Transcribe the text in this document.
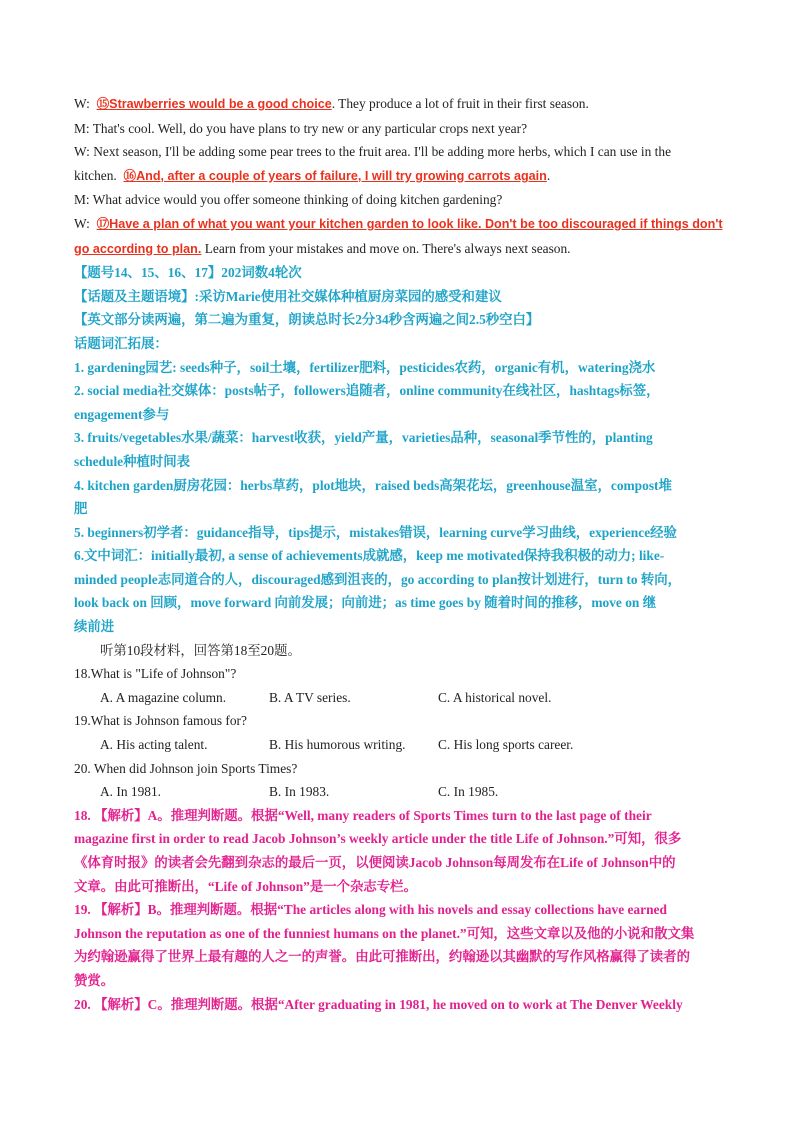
W: ⑮Strawberries would be a good choice. They produce a lot of fruit in their first season.
M: That's cool. Well, do you have plans to try new or any particular crops next year?
W: Next season, I'll be adding some pear trees to the fruit area. I'll be adding more herbs, which I can use in the
kitchen. ⑯And, after a couple of years of failure, I will try growing carrots again.
M: What advice would you offer someone thinking of doing kitchen gardening?
W: ⑰Have a plan of what you want your kitchen garden to look like. Don't be too discouraged if things don't
go according to plan. Learn from your mistakes and move on. There's always next season.
【题号14、15、16、17】202词数4轮次
【话题及主题语境】:采访Marie使用社交媒体种植厨房菜园的感受和建议
【英文部分读两遍，第二遍为重复，朗读总时长2分34秒含两遍之间2.5秒空白】
话题词汇拓展：
1. gardening园艺: seeds种子，soil土壤，fertilizer肥料，pesticides农药，organic有机，watering浇水
2. social media社交媒体：posts帖子，followers追随者，online community在线社区，hashtags标签，
engagement参与
3. fruits/vegetables水果/蔬菜：harvest收获，yield产量，varieties品种，seasonal季节性的，planting
schedule种植时间表
4. kitchen garden厨房花园：herbs草药，plot地块，raised beds高架花坛，greenhouse温室，compost堆
肥
5. beginners初学者：guidance指导，tips提示，mistakes错误，learning curve学习曲线，experience经验
6.文中词汇：initially最初, a sense of achievements成就感，keep me motivated保持我积极的动力; like-
minded people志同道合的人，discouraged感到沮丧的，go according to plan按计划进行，turn to 转向，
look back on 回顾，move forward 向前发展；向前进；as time goes by 随着时间的推移，move on 继
续前进
听第10段材料，回答第18至20题。
18.What is "Life of Johnson"?
A. A magazine column.	B. A TV series.	C. A historical novel.
19.What is Johnson famous for?
A. His acting talent.	B. His humorous writing.	C. His long sports career.
20. When did Johnson join Sports Times?
A. In 1981.	B. In 1983.	C. In 1985.
18. 【解析】A。推理判断题。根据“Well, many readers of Sports Times turn to the last page of their
magazine first in order to read Jacob Johnson’s weekly article under the title Life of Johnson.”可知，很多
《体育时报》的读者会先翻到杂志的最后一页，以便阅读Jacob Johnson每周发布在Life of Johnson中的
文章。由此可推断出，“Life of Johnson”是一个杂志专栏。
19. 【解析】B。推理判断题。根据“The articles along with his novels and essay collections have earned
Johnson the reputation as one of the funniest humans on the planet.”可知，这些文章以及他的小说和散文集
为约翰逊赢得了世界上最有趣的人之一的声誉。由此可推断出，约翰逊以其幽默的写作风格赢得了读者的
赞赏。
20. 【解析】C。推理判断题。根据“After graduating in 1981, he moved on to work at The Denver Weekly
